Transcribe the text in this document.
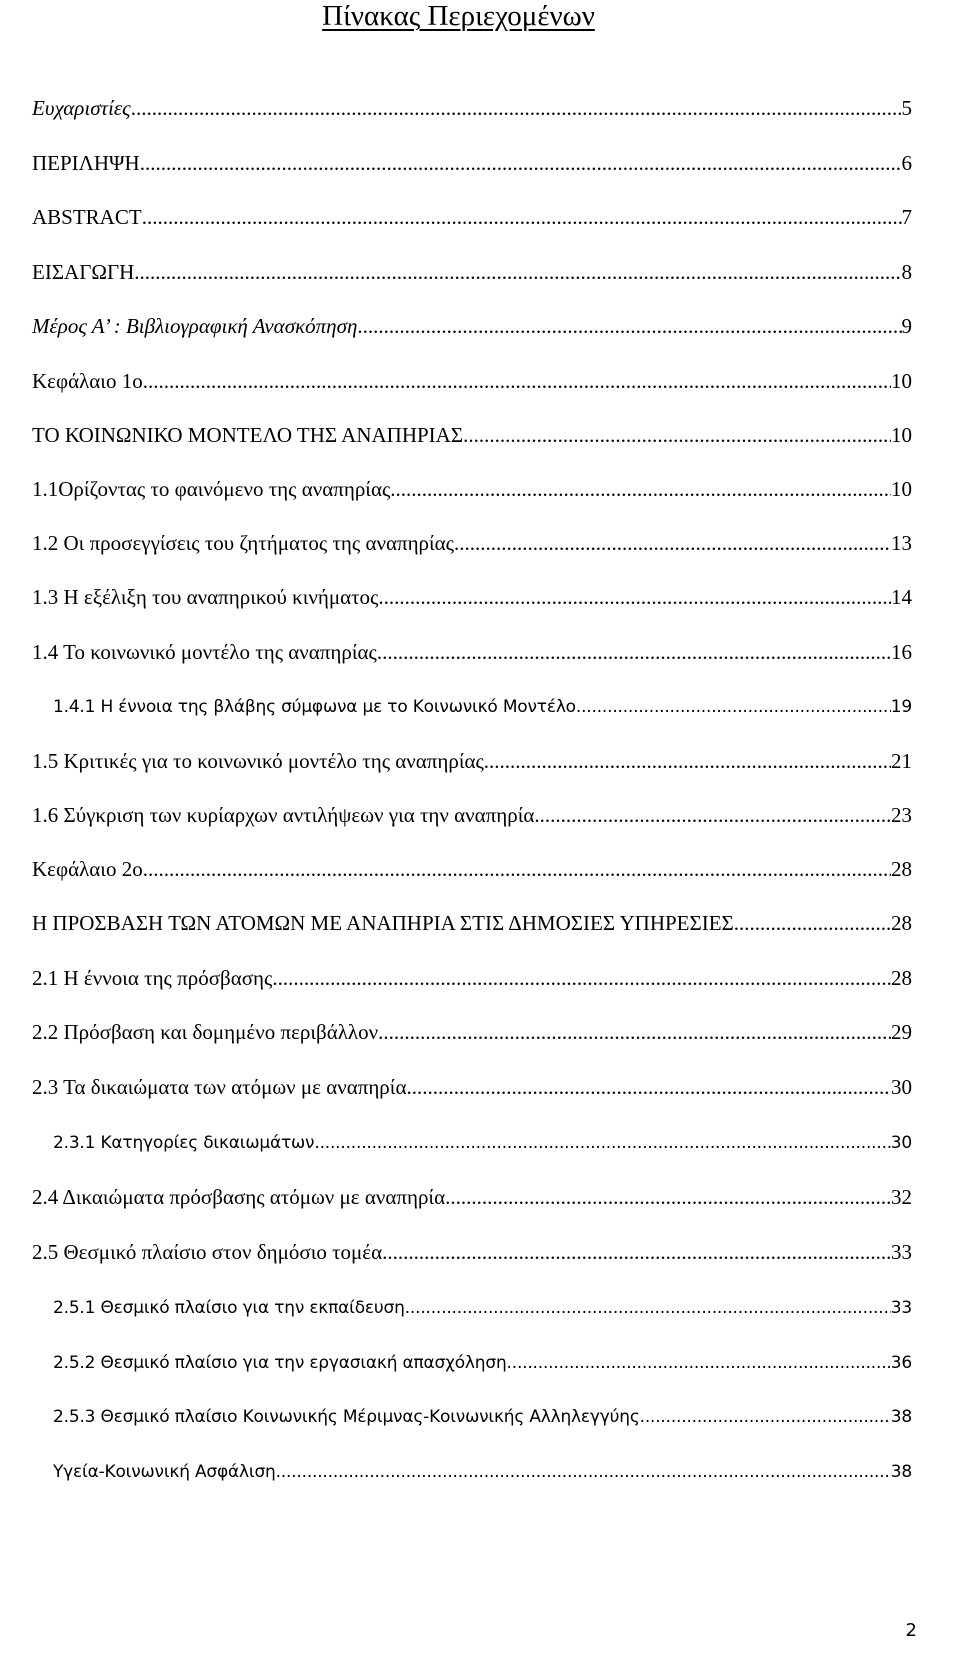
Πίνακας Περιεχομένων
Ευχαριστίες .....	5
ΠΕΡΙΛΗΨΗ .....	6
ABSTRACT .....	7
ΕΙΣΑΓΩΓΗ .....	8
Μέρος Α’ : Βιβλιογραφική Ανασκόπηση .....	9
Κεφάλαιο 1ο .....	10
ΤΟ ΚΟΙΝΩΝΙΚΟ ΜΟΝΤΕΛΟ ΤΗΣ ΑΝΑΠΗΡΙΑΣ .....	10
1.1Ορίζοντας το φαινόμενο της αναπηρίας .....	10
1.2 Οι προσεγγίσεις του ζητήματος της αναπηρίας .....	13
1.3 Η εξέλιξη του αναπηρικού κινήματος .....	14
1.4 Το κοινωνικό μοντέλο της αναπηρίας .....	16
1.4.1 Η έννοια της βλάβης σύμφωνα με το Κοινωνικό Μοντέλο .....	19
1.5 Κριτικές για το κοινωνικό μοντέλο της αναπηρίας .....	21
1.6 Σύγκριση των κυρίαρχων αντιλήψεων για την αναπηρία .....	23
Κεφάλαιο 2ο .....	28
Η ΠΡΟΣΒΑΣΗ ΤΩΝ ΑΤΟΜΩΝ ΜΕ ΑΝΑΠΗΡΙΑ ΣΤΙΣ ΔΗΜΟΣΙΕΣ ΥΠΗΡΕΣΙΕΣ .....	28
2.1 Η έννοια της πρόσβασης .....	28
2.2 Πρόσβαση και δομημένο περιβάλλον .....	29
2.3 Τα δικαιώματα των ατόμων με αναπηρία .....	30
2.3.1 Κατηγορίες δικαιωμάτων .....	30
2.4 Δικαιώματα πρόσβασης ατόμων με αναπηρία .....	32
2.5 Θεσμικό πλαίσιο στον δημόσιο τομέα .....	33
2.5.1 Θεσμικό πλαίσιο για την εκπαίδευση .....	33
2.5.2 Θεσμικό πλαίσιο για την εργασιακή απασχόληση .....	36
2.5.3 Θεσμικό πλαίσιο Κοινωνικής Μέριμνας-Κοινωνικής Αλληλεγγύης .....	38
Υγεία-Κοινωνική Ασφάλιση .....	38
2
